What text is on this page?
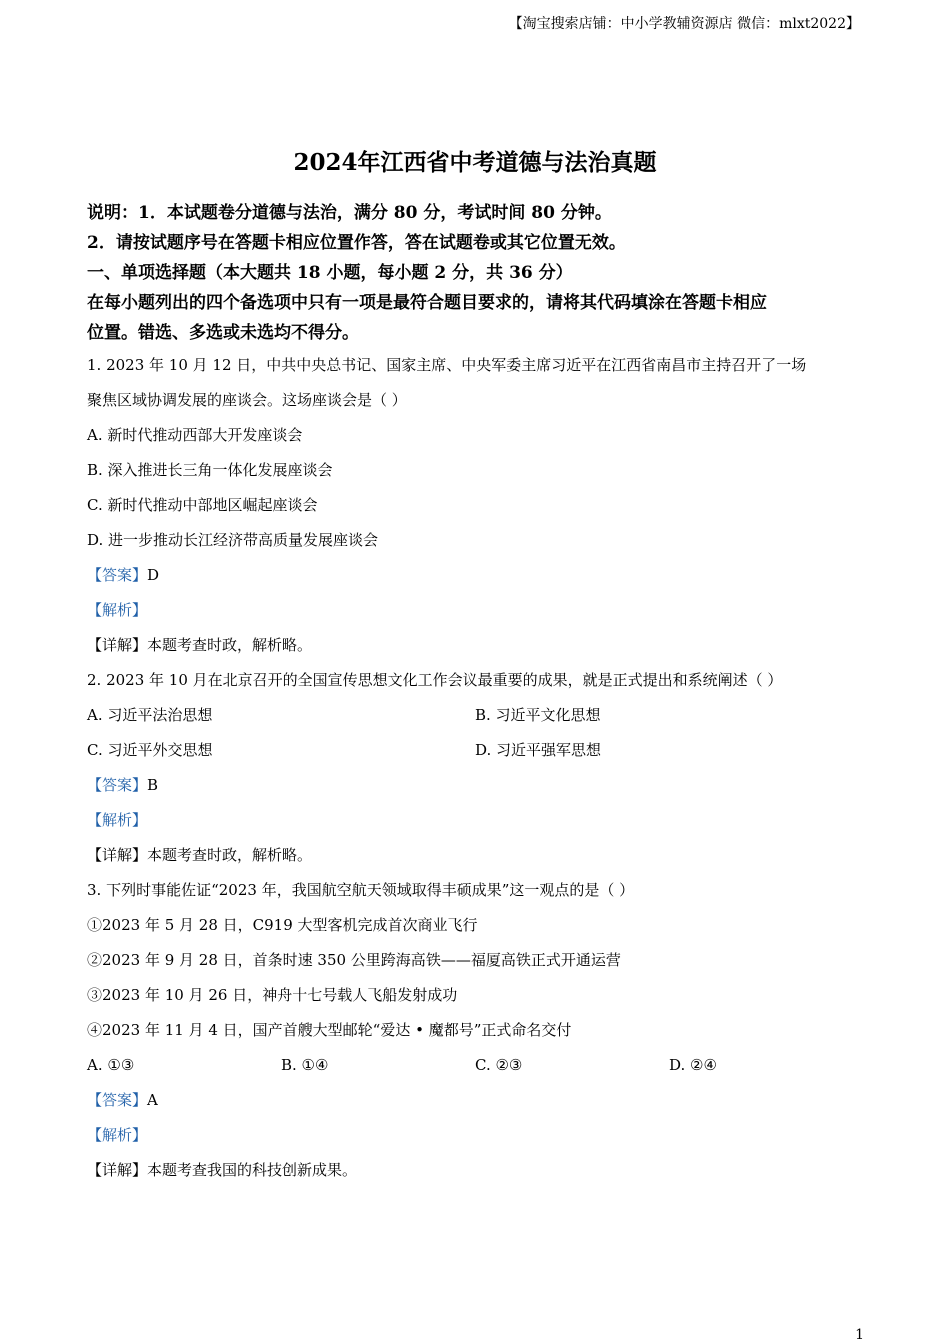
【淘宝搜索店铺：中小学教辅资源店 微信：mlxt2022】
2024年江西省中考道德与法治真题
说明：1．本试题卷分道德与法治，满分 80 分，考试时间 80 分钟。
2．请按试题序号在答题卡相应位置作答，答在试题卷或其它位置无效。
一、单项选择题（本大题共 18 小题，每小题 2 分，共 36 分）
在每小题列出的四个备选项中只有一项是最符合题目要求的，请将其代码填涂在答题卡相应
位置。错选、多选或未选均不得分。
1. 2023 年 10 月 12 日，中共中央总书记、国家主席、中央军委主席习近平在江西省南昌市主持召开了一场
聚焦区域协调发展的座谈会。这场座谈会是（ ）
A. 新时代推动西部大开发座谈会
B. 深入推进长三角一体化发展座谈会
C. 新时代推动中部地区崛起座谈会
D. 进一步推动长江经济带高质量发展座谈会
【答案】D
【解析】
【详解】本题考查时政，解析略。
2. 2023 年 10 月在北京召开的全国宣传思想文化工作会议最重要的成果，就是正式提出和系统阐述（ ）
A. 习近平法治思想	B. 习近平文化思想
C. 习近平外交思想	D. 习近平强军思想
【答案】B
【解析】
【详解】本题考查时政，解析略。
3. 下列时事能佐证“2023 年，我国航空航天领域取得丰硕成果”这一观点的是（ ）
①2023 年 5 月 28 日，C919 大型客机完成首次商业飞行
②2023 年 9 月 28 日，首条时速 350 公里跨海高铁——福厦高铁正式开通运营
③2023 年 10 月 26 日，神舟十七号载人飞船发射成功
④2023 年 11 月 4 日，国产首艘大型邮轮“爱达 • 魔都号”正式命名交付
A. ①③	B. ①④	C. ②③	D. ②④
【答案】A
【解析】
【详解】本题考查我国的科技创新成果。
1
